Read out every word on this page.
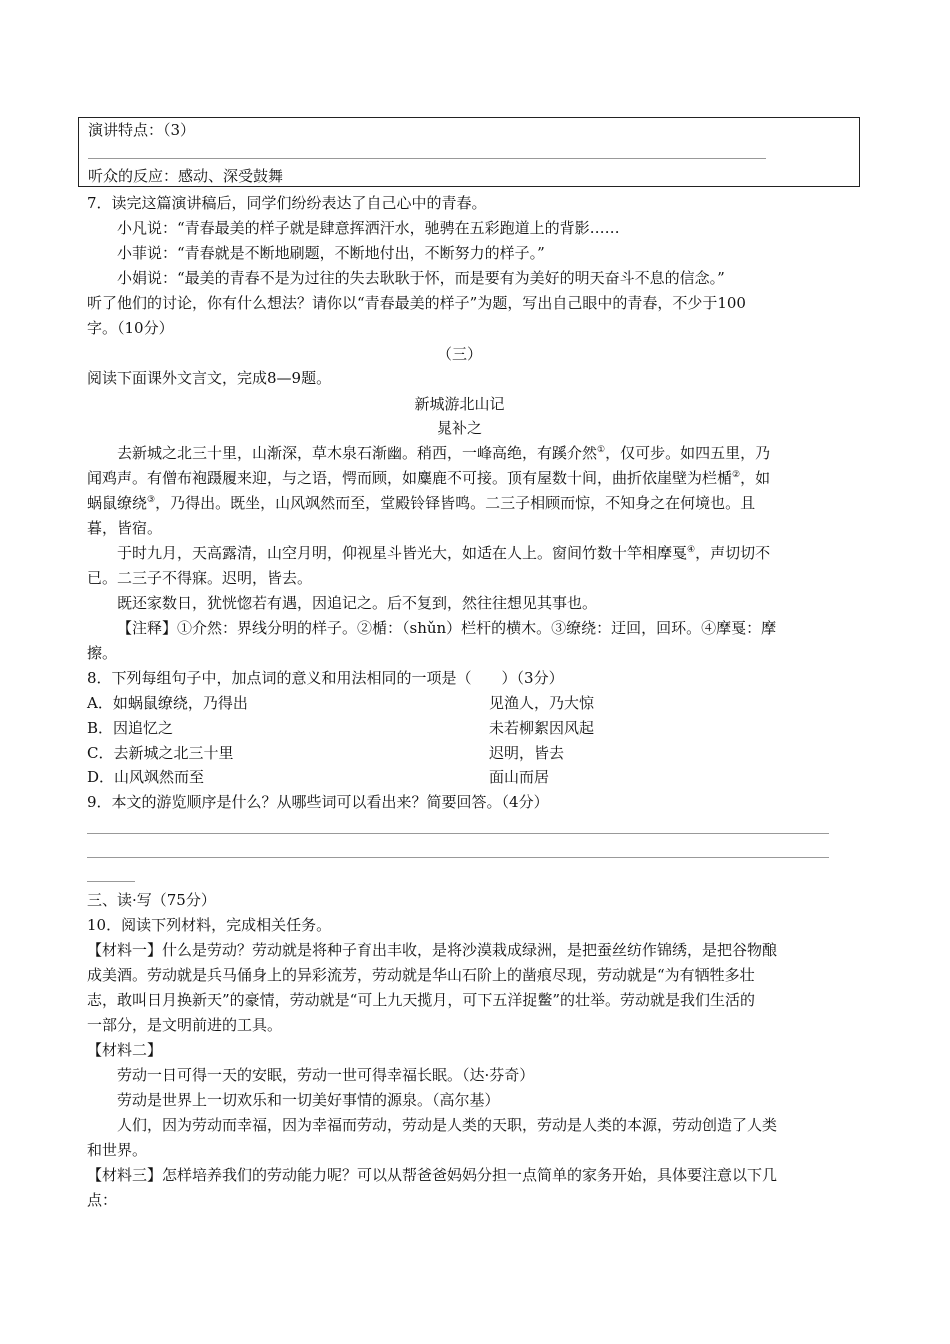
演讲特点：（3）
听众的反应：感动、深受鼓舞
7．读完这篇演讲稿后，同学们纷纷表达了自己心中的青春。
小凡说：“青春最美的样子就是肆意挥洒汗水，驰骋在五彩跑道上的背影……
小菲说：“青春就是不断地刷题，不断地付出，不断努力的样子。”
小娟说：“最美的青春不是为过往的失去耿耿于怀，而是要有为美好的明天奋斗不息的信念。”
听了他们的讨论，你有什么想法？请你以“青春最美的样子”为题，写出自己眼中的青春，不少于100
字。（10分）
（三）
阅读下面课外文言文，完成8—9题。
新城游北山记
晁补之
去新城之北三十里，山渐深，草木泉石渐幽。稍西，一峰高绝，有蹊介然①，仅可步。如四五里，乃
闻鸡声。有僧布袍蹑履来迎，与之语，愕而顾，如麋鹿不可接。顶有屋数十间，曲折依崖壁为栏楯②，如
蜗鼠缭绕③，乃得出。既坐，山风飒然而至，堂殿铃铎皆鸣。二三子相顾而惊，不知身之在何境也。且
暮，皆宿。
于时九月，天高露清，山空月明，仰视星斗皆光大，如适在人上。窗间竹数十竿相摩戛④，声切切不
已。二三子不得寐。迟明，皆去。
既还家数日，犹恍惚若有遇，因追记之。后不复到，然往往想见其事也。
【注释】①介然：界线分明的样子。②楯：（shǔn）栏杆的横木。③缭绕：迂回，回环。④摩戛：摩
擦。
8．下列每组句子中，加点词的意义和用法相同的一项是（　　）（3分）
A．如蜗鼠缭绕，乃得出	见渔人，乃大惊
B．因追忆之	未若柳絮因风起
C．去新城之北三十里	迟明，皆去
D．山风飒然而至	面山而居
9．本文的游览顺序是什么？从哪些词可以看出来？简要回答。（4分）
三、读·写（75分）
10．阅读下列材料，完成相关任务。
【材料一】什么是劳动？劳动就是将种子育出丰收，是将沙漠栽成绿洲，是把蚕丝纺作锦绣，是把谷物酿
成美酒。劳动就是兵马俑身上的异彩流芳，劳动就是华山石阶上的凿痕尽现，劳动就是“为有牺牲多壮
志，敢叫日月换新天”的豪情，劳动就是“可上九天揽月，可下五洋捉鳖”的壮举。劳动就是我们生活的
一部分，是文明前进的工具。
【材料二】
劳动一日可得一天的安眠，劳动一世可得幸福长眠。（达·芬奇）
劳动是世界上一切欢乐和一切美好事情的源泉。（高尔基）
人们，因为劳动而幸福，因为幸福而劳动，劳动是人类的天职，劳动是人类的本源，劳动创造了人类
和世界。
【材料三】怎样培养我们的劳动能力呢？可以从帮爸爸妈妈分担一点简单的家务开始，具体要注意以下几
点：
